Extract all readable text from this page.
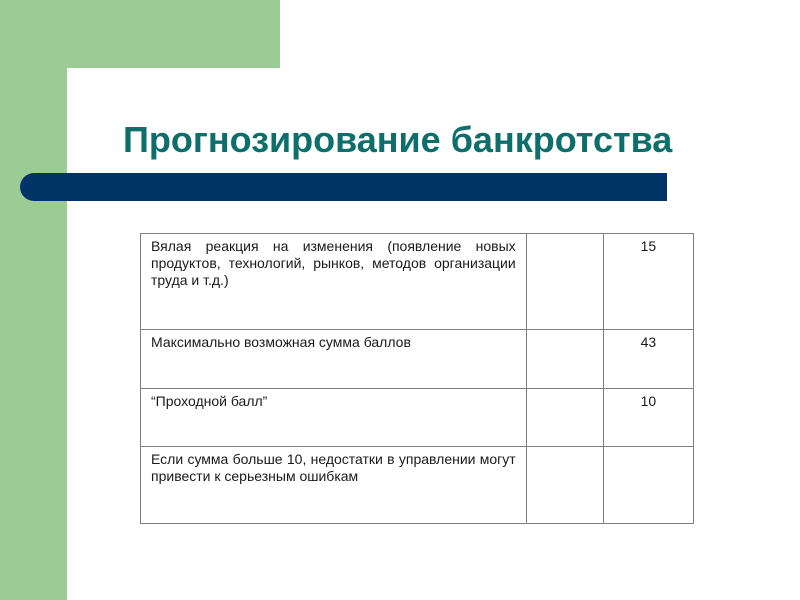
Прогнозирование банкротства
Вялая реакция на изменения (появление новых продуктов, технологий, рынков, методов организации труда и т.д.)		15
Максимально возможная сумма баллов		43
“Проходной балл”		10
Если сумма больше 10, недостатки в управлении могут привести к серьезным ошибкам		
